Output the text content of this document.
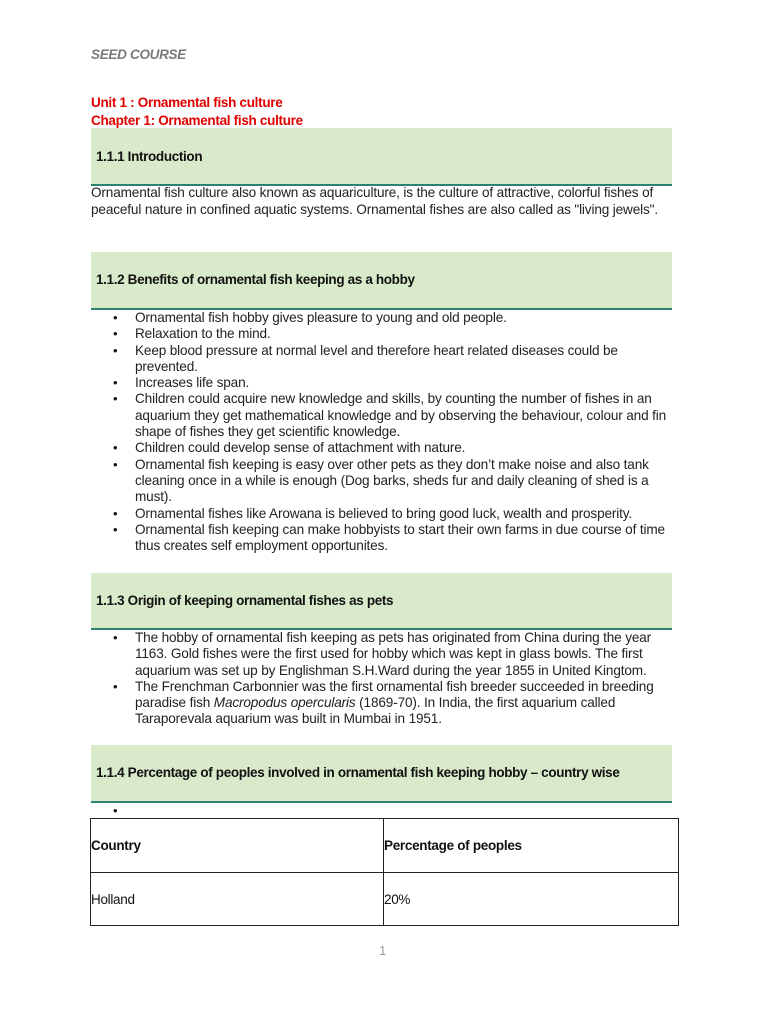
SEED COURSE
Unit 1 : Ornamental fish culture
Chapter 1: Ornamental fish culture
1.1.1 Introduction
Ornamental fish culture also known as aquariculture, is the culture of attractive, colorful fishes of peaceful nature in confined aquatic systems. Ornamental fishes are also called as "living jewels".
1.1.2 Benefits of ornamental fish keeping as a hobby
• Ornamental fish hobby gives pleasure to young and old people.
• Relaxation to the mind.
• Keep blood pressure at normal level and therefore heart related diseases could be prevented.
• Increases life span.
• Children could acquire new knowledge and skills, by counting the number of fishes in an aquarium they get mathematical knowledge and by observing the behaviour, colour and fin shape of fishes they get scientific knowledge.
• Children could develop sense of attachment with nature.
• Ornamental fish keeping is easy over other pets as they don’t make noise and also tank cleaning once in a while is enough (Dog barks, sheds fur and daily cleaning of shed is a must).
• Ornamental fishes like Arowana is believed to bring good luck, wealth and prosperity.
• Ornamental fish keeping can make hobbyists to start their own farms in due course of time thus creates self employment opportunites.
1.1.3 Origin of keeping ornamental fishes as pets
• The hobby of ornamental fish keeping as pets has originated from China during the year 1163. Gold fishes were the first used for hobby which was kept in glass bowls. The first aquarium was set up by Englishman S.H.Ward during the year 1855 in United Kingtom.
• The Frenchman Carbonnier was the first ornamental fish breeder succeeded in breeding paradise fish Macropodus opercularis (1869-70). In India, the first aquarium called Taraporevala aquarium was built in Mumbai in 1951.
1.1.4 Percentage of peoples involved in ornamental fish keeping hobby – country wise
•
Country	Percentage of peoples
Holland	20%
1
